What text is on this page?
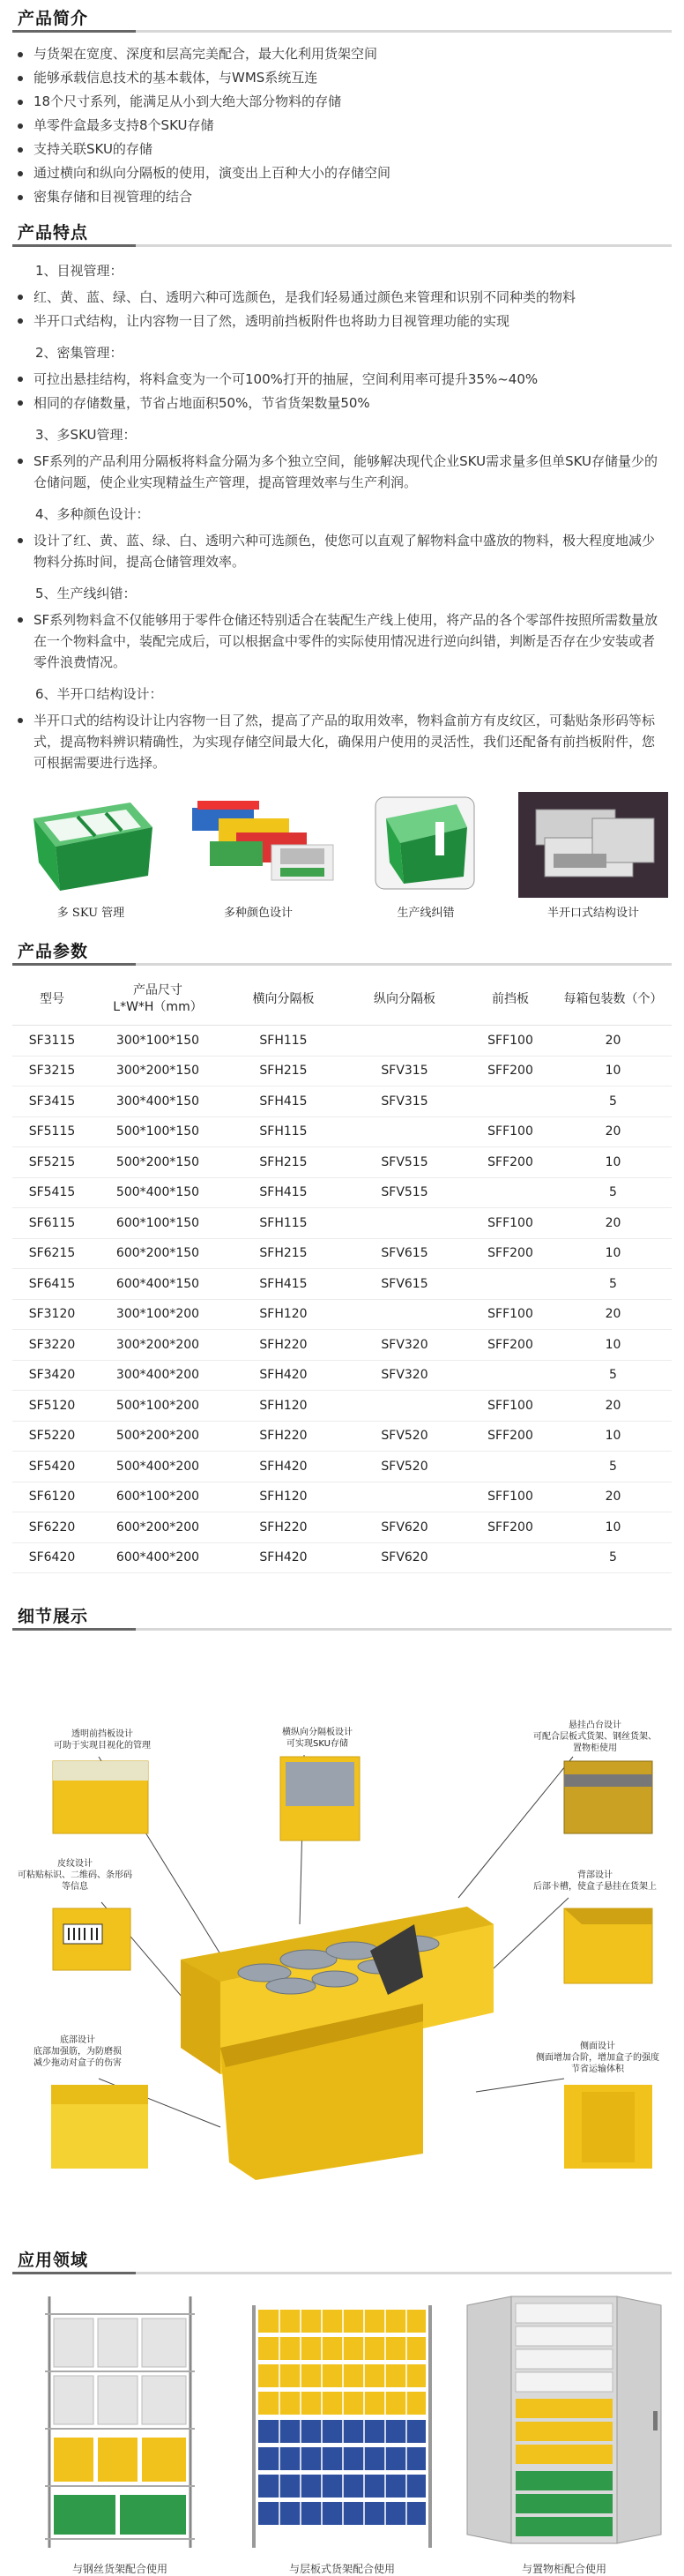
产品简介
与货架在宽度、深度和层高完美配合，最大化利用货架空间
能够承载信息技术的基本载体，与WMS系统互连
18个尺寸系列，能满足从小到大绝大部分物料的存储
单零件盒最多支持8个SKU存储
支持关联SKU的存储
通过横向和纵向分隔板的使用，演变出上百种大小的存储空间
密集存储和目视管理的结合
产品特点
1、目视管理：
红、黄、蓝、绿、白、透明六种可选颜色，是我们轻易通过颜色来管理和识别不同种类的物料
半开口式结构，让内容物一目了然，透明前挡板附件也将助力目视管理功能的实现
2、密集管理：
可拉出悬挂结构，将料盒变为一个可100%打开的抽屉，空间利用率可提升35%~40%
相同的存储数量，节省占地面积50%，节省货架数量50%
3、多SKU管理：
SF系列的产品利用分隔板将料盒分隔为多个独立空间，能够解决现代企业SKU需求量多但单SKU存储量少的仓储问题，使企业实现精益生产管理，提高管理效率与生产利润。
4、多种颜色设计：
设计了红、黄、蓝、绿、白、透明六种可选颜色，使您可以直观了解物料盒中盛放的物料，极大程度地减少物料分拣时间，提高仓储管理效率。
5、生产线纠错：
SF系列物料盒不仅能够用于零件仓储还特别适合在装配生产线上使用，将产品的各个零部件按照所需数量放在一个物料盒中，装配完成后，可以根据盒中零件的实际使用情况进行逆向纠错，判断是否存在少安装或者零件浪费情况。
6、半开口结构设计：
半开口式的结构设计让内容物一目了然，提高了产品的取用效率，物料盒前方有皮纹区，可黏贴条形码等标式，提高物料辨识精确性，为实现存储空间最大化，确保用户使用的灵活性，我们还配备有前挡板附件，您可根据需要进行选择。
多 SKU 管理	多种颜色设计	生产线纠错	半开口式结构设计
产品参数
型号	产品尺寸
L*W*H（mm）	横向分隔板	纵向分隔板	前挡板	每箱包装数（个）
SF3115	300*100*150	SFH115		SFF100	20
SF3215	300*200*150	SFH215	SFV315	SFF200	10
SF3415	300*400*150	SFH415	SFV315		5
SF5115	500*100*150	SFH115		SFF100	20
SF5215	500*200*150	SFH215	SFV515	SFF200	10
SF5415	500*400*150	SFH415	SFV515		5
SF6115	600*100*150	SFH115		SFF100	20
SF6215	600*200*150	SFH215	SFV615	SFF200	10
SF6415	600*400*150	SFH415	SFV615		5
SF3120	300*100*200	SFH120		SFF100	20
SF3220	300*200*200	SFH220	SFV320	SFF200	10
SF3420	300*400*200	SFH420	SFV320		5
SF5120	500*100*200	SFH120		SFF100	20
SF5220	500*200*200	SFH220	SFV520	SFF200	10
SF5420	500*400*200	SFH420	SFV520		5
SF6120	600*100*200	SFH120		SFF100	20
SF6220	600*200*200	SFH220	SFV620	SFF200	10
SF6420	600*400*200	SFH420	SFV620		5
细节展示
透明前挡板设计
可助于实现目视化的管理
横纵向分隔板设计
可实现SKU存储
悬挂凸台设计
可配合层板式货架、钢丝货架、
置物柜使用
皮纹设计
可粘贴标识、二维码、条形码
等信息
背部设计
后部卡槽，使盒子悬挂在货架上
底部设计
底部加强筋，为防磨损
减少拖动对盒子的伤害
侧面设计
侧面增加合阶，增加盒子的强度
节省运输体积
应用领域
与钢丝货架配合使用	与层板式货架配合使用	与置物柜配合使用
